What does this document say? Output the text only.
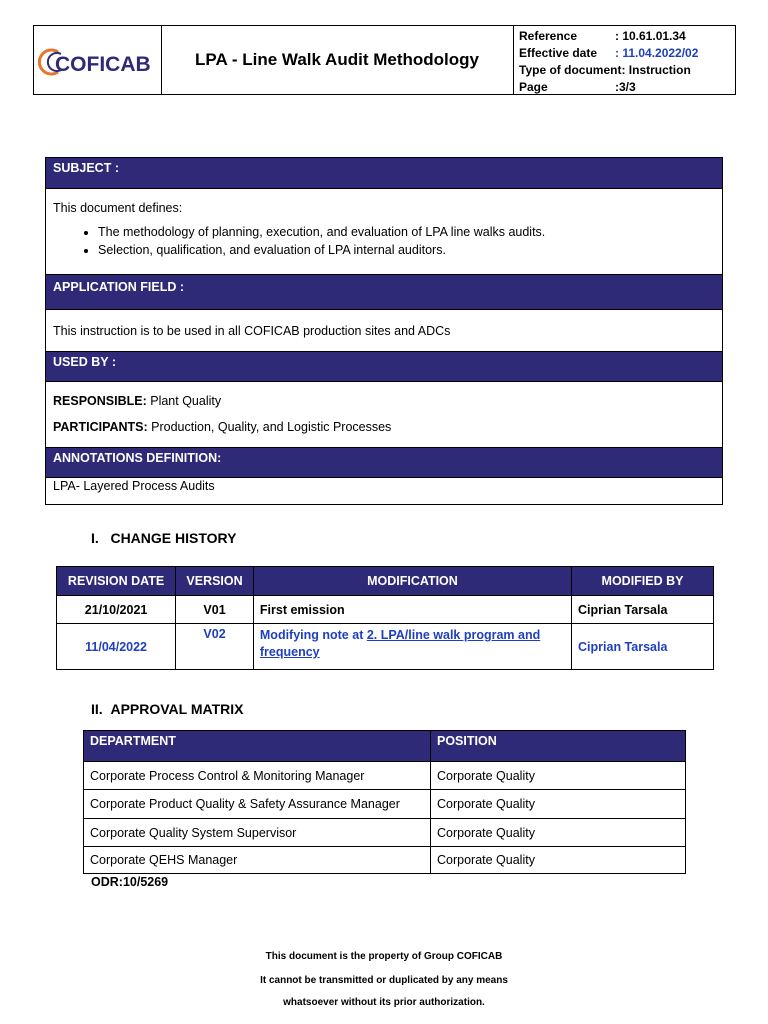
COFICAB	LPA - Line Walk Audit Methodology
Reference	: 10.61.01.34
Effective date	: 11.04.2022/02
Type of document:
Instruction
Page	:3/3
SUBJECT :
This document defines:
• The methodology of planning, execution, and evaluation of LPA line walks audits.
• Selection, qualification, and evaluation of LPA internal auditors.
APPLICATION FIELD :
This instruction is to be used in all COFICAB production sites and ADCs
USED BY :
RESPONSIBLE: Plant Quality
PARTICIPANTS: Production, Quality, and Logistic Processes
ANNOTATIONS DEFINITION:
LPA- Layered Process Audits
I. CHANGE HISTORY
REVISION DATE	VERSION	MODIFICATION	MODIFIED BY
21/10/2021	V01	First emission	Ciprian Tarsala
11/04/2022	V02	Modifying note at 2. LPA/line walk program and frequency	Ciprian Tarsala
II. APPROVAL MATRIX
DEPARTMENT	POSITION
Corporate Process Control & Monitoring Manager	Corporate Quality
Corporate Product Quality & Safety Assurance Manager	Corporate Quality
Corporate Quality System Supervisor	Corporate Quality
Corporate QEHS Manager	Corporate Quality
ODR:10/5269
This document is the property of Group COFICAB
It cannot be transmitted or duplicated by any means
whatsoever without its prior authorization.
